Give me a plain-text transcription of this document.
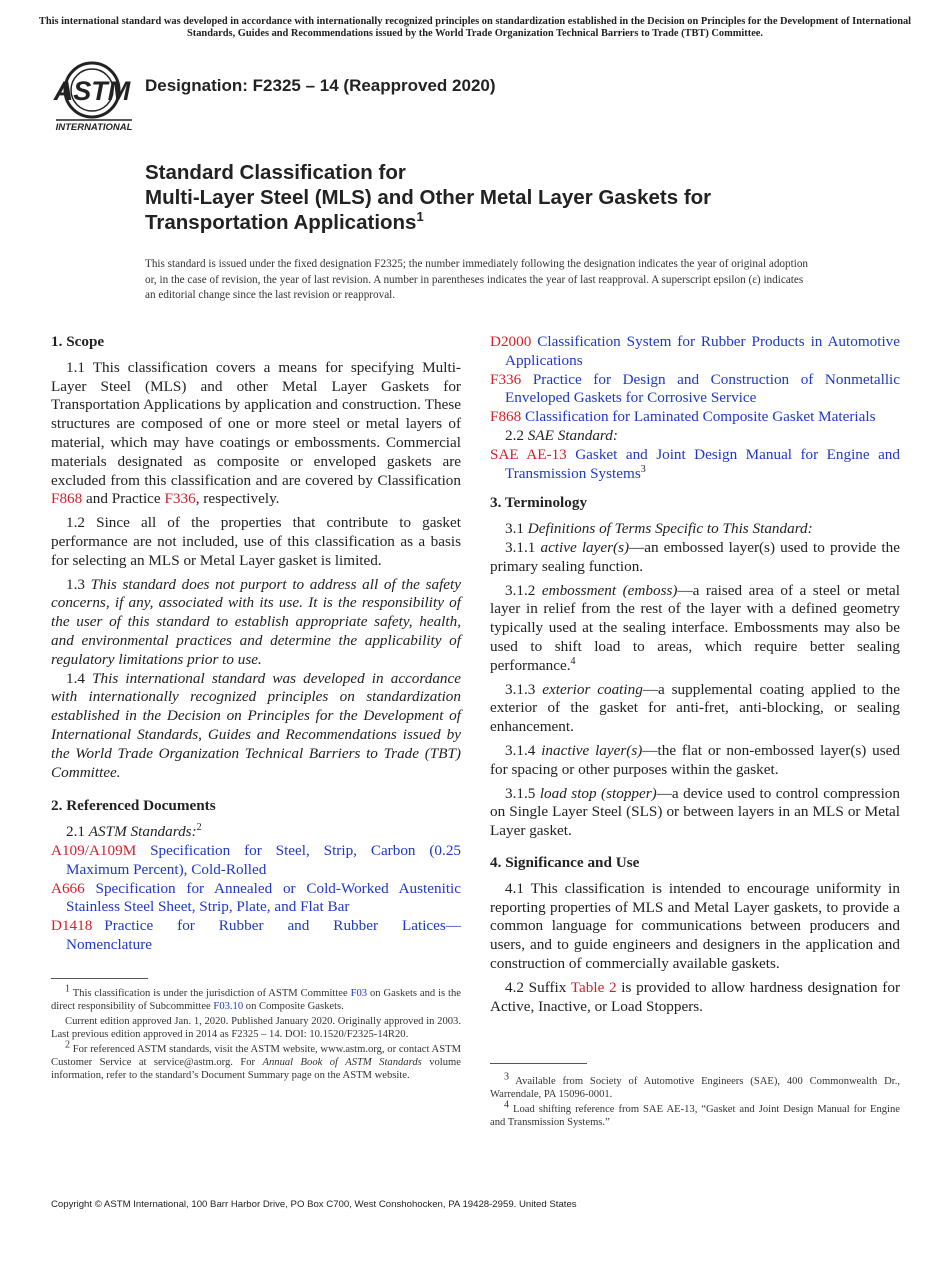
This international standard was developed in accordance with internationally recognized principles on standardization established in the Decision on Principles for the Development of International Standards, Guides and Recommendations issued by the World Trade Organization Technical Barriers to Trade (TBT) Committee.
ASTM
INTERNATIONAL
Designation: F2325 – 14 (Reapproved 2020)
Standard Classification for
Multi-Layer Steel (MLS) and Other Metal Layer Gaskets for Transportation Applications$^1$
This standard is issued under the fixed designation F2325; the number immediately following the designation indicates the year of original adoption or, in the case of revision, the year of last revision. A number in parentheses indicates the year of last reapproval. A superscript epsilon (ε) indicates an editorial change since the last revision or reapproval.
1. Scope

1.1 This classification covers a means for specifying Multi-Layer Steel (MLS) and other Metal Layer Gaskets for Transportation Applications by application and construction. These structures are composed of one or more steel or metal layers of material, which may have coatings or embossments. Commercial materials designated as composite or enveloped gaskets are excluded from this classification and are covered by Classification F868 and Practice F336, respectively.

1.2 Since all of the properties that contribute to gasket performance are not included, use of this classification as a basis for selecting an MLS or Metal Layer gasket is limited.

1.3 This standard does not purport to address all of the safety concerns, if any, associated with its use. It is the responsibility of the user of this standard to establish appropriate safety, health, and environmental practices and determine the applicability of regulatory limitations prior to use.

1.4 This international standard was developed in accordance with internationally recognized principles on standardization established in the Decision on Principles for the Development of International Standards, Guides and Recommendations issued by the World Trade Organization Technical Barriers to Trade (TBT) Committee.

2. Referenced Documents

2.1 ASTM Standards:$^2$

A109/A109M Specification for Steel, Strip, Carbon (0.25 Maximum Percent), Cold-Rolled
A666 Specification for Annealed or Cold-Worked Austenitic Stainless Steel Sheet, Strip, Plate, and Flat Bar
D1418 Practice for Rubber and Rubber Latices—Nomenclature

$^1$ This classification is under the jurisdiction of ASTM Committee F03 on Gaskets and is the direct responsibility of Subcommittee F03.10 on Composite Gaskets.

Current edition approved Jan. 1, 2020. Published January 2020. Originally approved in 2003. Last previous edition approved in 2014 as F2325 – 14. DOI: 10.1520/F2325-14R20.

$^2$ For referenced ASTM standards, visit the ASTM website, www.astm.org, or contact ASTM Customer Service at service@astm.org. For Annual Book of ASTM Standards volume information, refer to the standard’s Document Summary page on the ASTM website.

D2000 Classification System for Rubber Products in Automotive Applications
F336 Practice for Design and Construction of Nonmetallic Enveloped Gaskets for Corrosive Service
F868 Classification for Laminated Composite Gasket Materials

2.2 SAE Standard:

SAE AE-13 Gasket and Joint Design Manual for Engine and Transmission Systems$^3$
3. Terminology

3.1 Definitions of Terms Specific to This Standard:

3.1.1 active layer(s)—an embossed layer(s) used to provide the primary sealing function.

3.1.2 embossment (emboss)—a raised area of a steel or metal layer in relief from the rest of the layer with a defined geometry typically used at the sealing interface. Embossments may also be used to shift load to areas, which require better sealing performance.$^4$

3.1.3 exterior coating—a supplemental coating applied to the exterior of the gasket for anti-fret, anti-blocking, or sealing enhancement.

3.1.4 inactive layer(s)—the flat or non-embossed layer(s) used for spacing or other purposes within the gasket.

3.1.5 load stop (stopper)—a device used to control compression on Single Layer Steel (SLS) or between layers in an MLS or Metal Layer gasket.

4. Significance and Use

4.1 This classification is intended to encourage uniformity in reporting properties of MLS and Metal Layer gaskets, to provide a common language for communications between producers and users, and to guide engineers and designers in the application and construction of commercially available gaskets.

4.2 Suffix Table 2 is provided to allow hardness designation for Active, Inactive, or Load Stoppers.

$^3$ Available from Society of Automotive Engineers (SAE), 400 Commonwealth Dr., Warrendale, PA 15096-0001.

$^4$ Load shifting reference from SAE AE-13, “Gasket and Joint Design Manual for Engine and Transmission Systems.”

Copyright © ASTM International, 100 Barr Harbor Drive, PO Box C700, West Conshohocken, PA 19428-2959. United States
